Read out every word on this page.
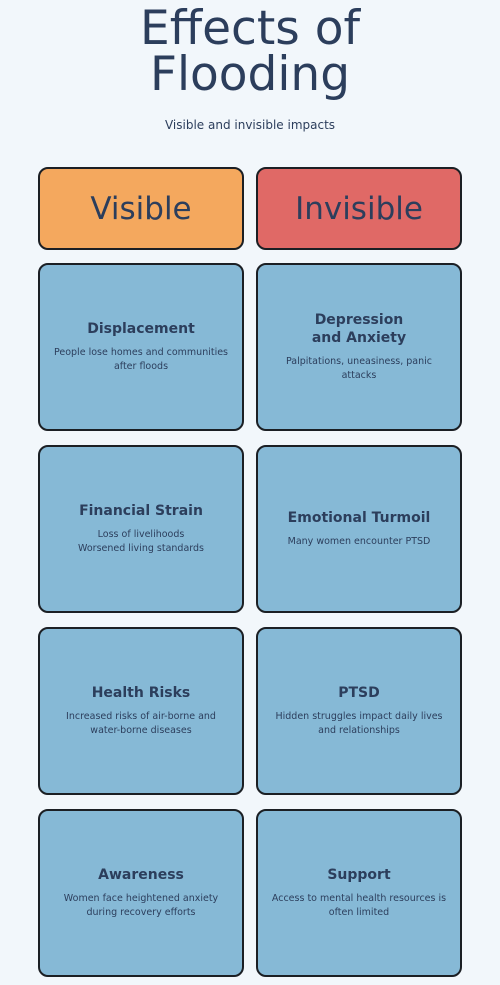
Effects of
Flooding
Visible and invisible impacts
Visible	Invisible
Displacement
People lose homes and communities
after floods
Financial Strain
Loss of livelihoods
Worsened living standards
Health Risks
Increased risks of air-borne and
water-borne diseases
Awareness
Women face heightened anxiety
during recovery efforts
Depression
and Anxiety
Palpitations, uneasiness, panic
attacks
Emotional Turmoil
Many women encounter PTSD
PTSD
Hidden struggles impact daily lives
and relationships
Support
Access to mental health resources is
often limited
